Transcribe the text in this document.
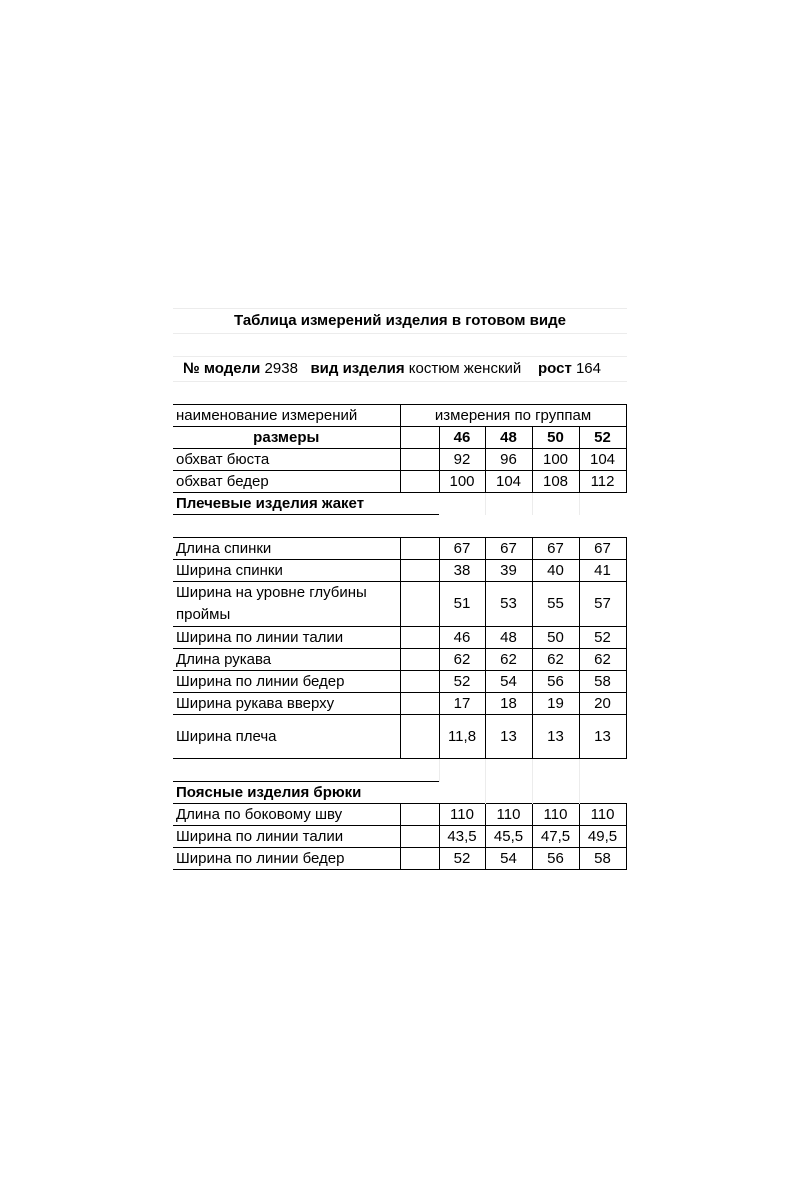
Таблица измерений изделия в готовом виде
№ модели 2938 вид изделия костюм женский рост 164
наименование измерений	измерения по группам				
размеры		46	48	50	52
обхват бюста		92	96	100	104
обхват бедер		100	104	108	112
Плечевые изделия жакет					

Длина спинки		67	67	67	67
Ширина спинки		38	39	40	41
Ширина на уровне глубины проймы		51	53	55	57
Ширина по линии талии		46	48	50	52
Длина рукава		62	62	62	62
Ширина по линии бедер		52	54	56	58
Ширина рукава вверху		17	18	19	20
Ширина плеча		11,8	13	13	13

Поясные изделия брюки					
Длина по боковому шву		110	110	110	110
Ширина по линии талии		43,5	45,5	47,5	49,5
Ширина по линии бедер		52	54	56	58
